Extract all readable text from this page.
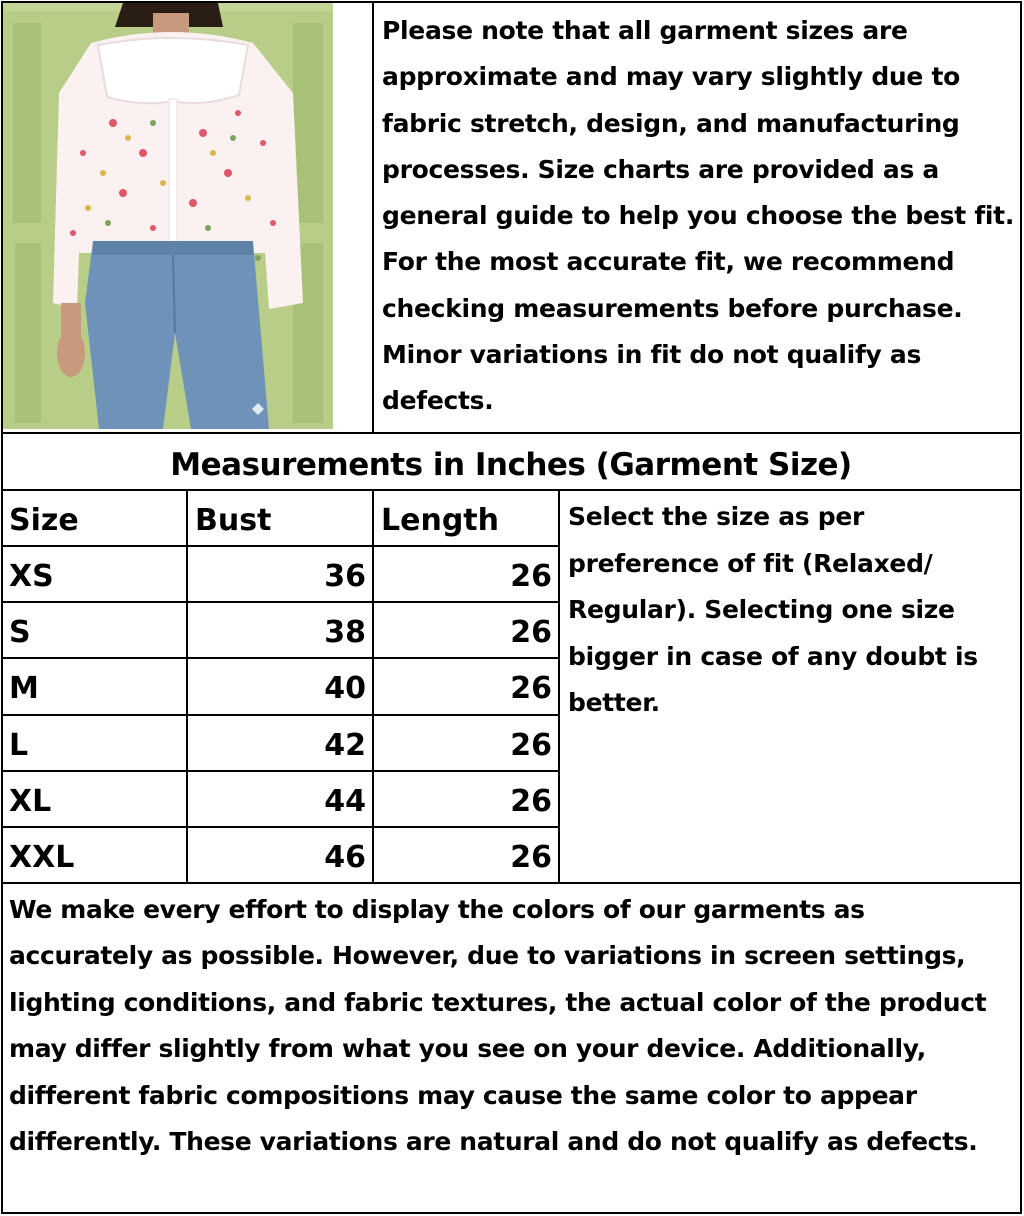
Please note that all garment sizes are approximate and may vary slightly due to fabric stretch, design, and manufacturing processes. Size charts are provided as a general guide to help you choose the best fit. For the most accurate fit, we recommend checking measurements before purchase. Minor variations in fit do not qualify as defects.
Measurements in Inches (Garment Size)
Size	Bust	Length
XS	36	26
S	38	26
M	40	26
L	42	26
XL	44	26
XXL	46	26
Select the size as per preference of fit (Relaxed/ Regular). Selecting one size bigger in case of any doubt is better.
We make every effort to display the colors of our garments as accurately as possible. However, due to variations in screen settings, lighting conditions, and fabric textures, the actual color of the product may differ slightly from what you see on your device. Additionally, different fabric compositions may cause the same color to appear differently. These variations are natural and do not qualify as defects.
